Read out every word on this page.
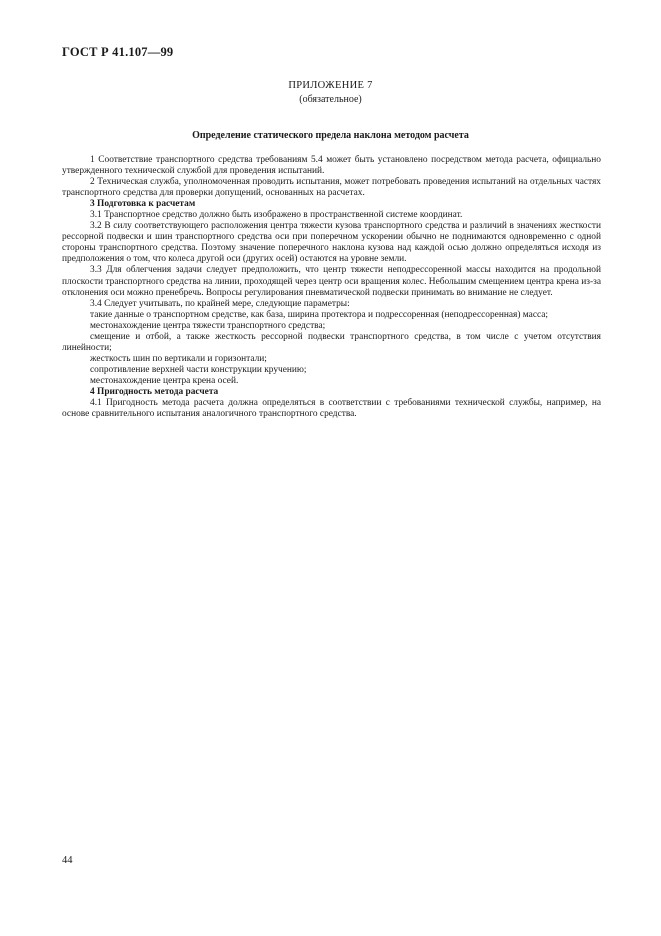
ГОСТ Р 41.107—99
ПРИЛОЖЕНИЕ 7
(обязательное)
Определение статического предела наклона методом расчета

1 Соответствие транспортного средства требованиям 5.4 может быть установлено посредством метода расчета, официально утвержденного технической службой для проведения испытаний.

2 Техническая служба, уполномоченная проводить испытания, может потребовать проведения испытаний на отдельных частях транспортного средства для проверки допущений, основанных на расчетах.

3 Подготовка к расчетам

3.1 Транспортное средство должно быть изображено в пространственной системе координат.

3.2 В силу соответствующего расположения центра тяжести кузова транспортного средства и различий в значениях жесткости рессорной подвески и шин транспортного средства оси при поперечном ускорении обычно не поднимаются одновременно с одной стороны транспортного средства. Поэтому значение поперечного наклона кузова над каждой осью должно определяться исходя из предположения о том, что колеса другой оси (других осей) остаются на уровне земли.

3.3 Для облегчения задачи следует предположить, что центр тяжести неподрессоренной массы находится на продольной плоскости транспортного средства на линии, проходящей через центр оси вращения колес. Небольшим смещением центра крена из-за отклонения оси можно пренебречь. Вопросы регулирования пневматической подвески принимать во внимание не следует.

3.4 Следует учитывать, по крайней мере, следующие параметры:

такие данные о транспортном средстве, как база, ширина протектора и подрессоренная (неподрессоренная) масса;

местонахождение центра тяжести транспортного средства;

смещение и отбой, а также жесткость рессорной подвески транспортного средства, в том числе с учетом отсутствия линейности;

жесткость шин по вертикали и горизонтали;

сопротивление верхней части конструкции кручению;

местонахождение центра крена осей.

4 Пригодность метода расчета

4.1 Пригодность метода расчета должна определяться в соответствии с требованиями технической службы, например, на основе сравнительного испытания аналогичного транспортного средства.

44
